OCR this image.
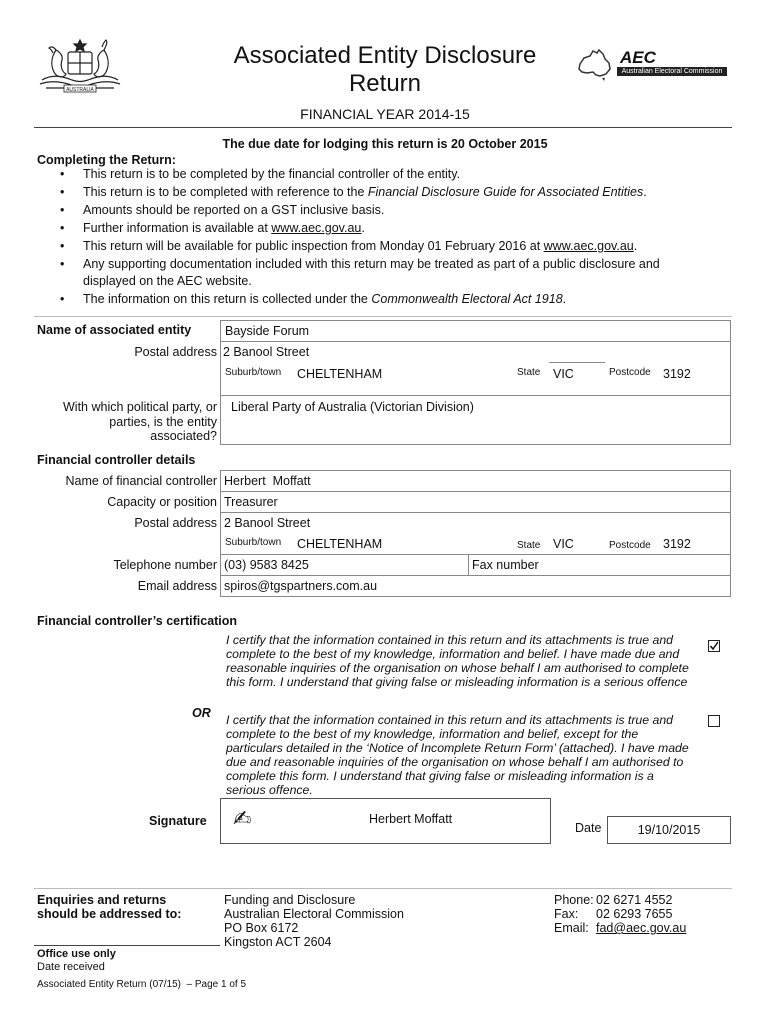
AUSTRALIA
Associated Entity Disclosure
Return
FINANCIAL YEAR 2014-15
AEC
Australian Electoral Commission
The due date for lodging this return is 20 October 2015
Completing the Return:
• This return is to be completed by the financial controller of the entity.
• This return is to be completed with reference to the Financial Disclosure Guide for Associated Entities.
• Amounts should be reported on a GST inclusive basis.
• Further information is available at www.aec.gov.au.
• This return will be available for public inspection from Monday 01 February 2016 at www.aec.gov.au.
• Any supporting documentation included with this return may be treated as part of a public disclosure and displayed on the AEC website.
• The information on this return is collected under the Commonwealth Electoral Act 1918.
Name of associated entity	Bayside Forum
Postal address 2 Banool Street
Suburb/town CHELTENHAM	State VIC	Postcode 3192
With which political party, or
parties, is the entity
associated?
Liberal Party of Australia (Victorian Division)
Financial controller details
Name of financial controller Herbert  Moffatt
Capacity or position Treasurer
Postal address 2 Banool Street
Suburb/town CHELTENHAM	State VIC	Postcode 3192
Telephone number (03) 9583 8425	Fax number
Email address spiros@tgspartners.com.au
Financial controller’s certification
I certify that the information contained in this return and its attachments is true and complete to the best of my knowledge, information and belief. I have made due and reasonable inquiries of the organisation on whose behalf I am authorised to complete this form. I understand that giving false or misleading information is a serious offence
OR I certify that the information contained in this return and its attachments is true and complete to the best of my knowledge, information and belief, except for the particulars detailed in the ‘Notice of Incomplete Return Form’ (attached). I have made due and reasonable inquiries of the organisation on whose behalf I am authorised to complete this form. I understand that giving false or misleading information is a serious offence.
Signature ✍	Herbert Moffatt
Date	19/10/2015
Enquiries and returns
should be addressed to:
Funding and Disclosure
Australian Electoral Commission
PO Box 6172
Kingston ACT 2604
Phone: 02 6271 4552
Fax: 02 6293 7655
Email: fad@aec.gov.au
Office use only
Date received
Associated Entity Return (07/15)  – Page 1 of 5
